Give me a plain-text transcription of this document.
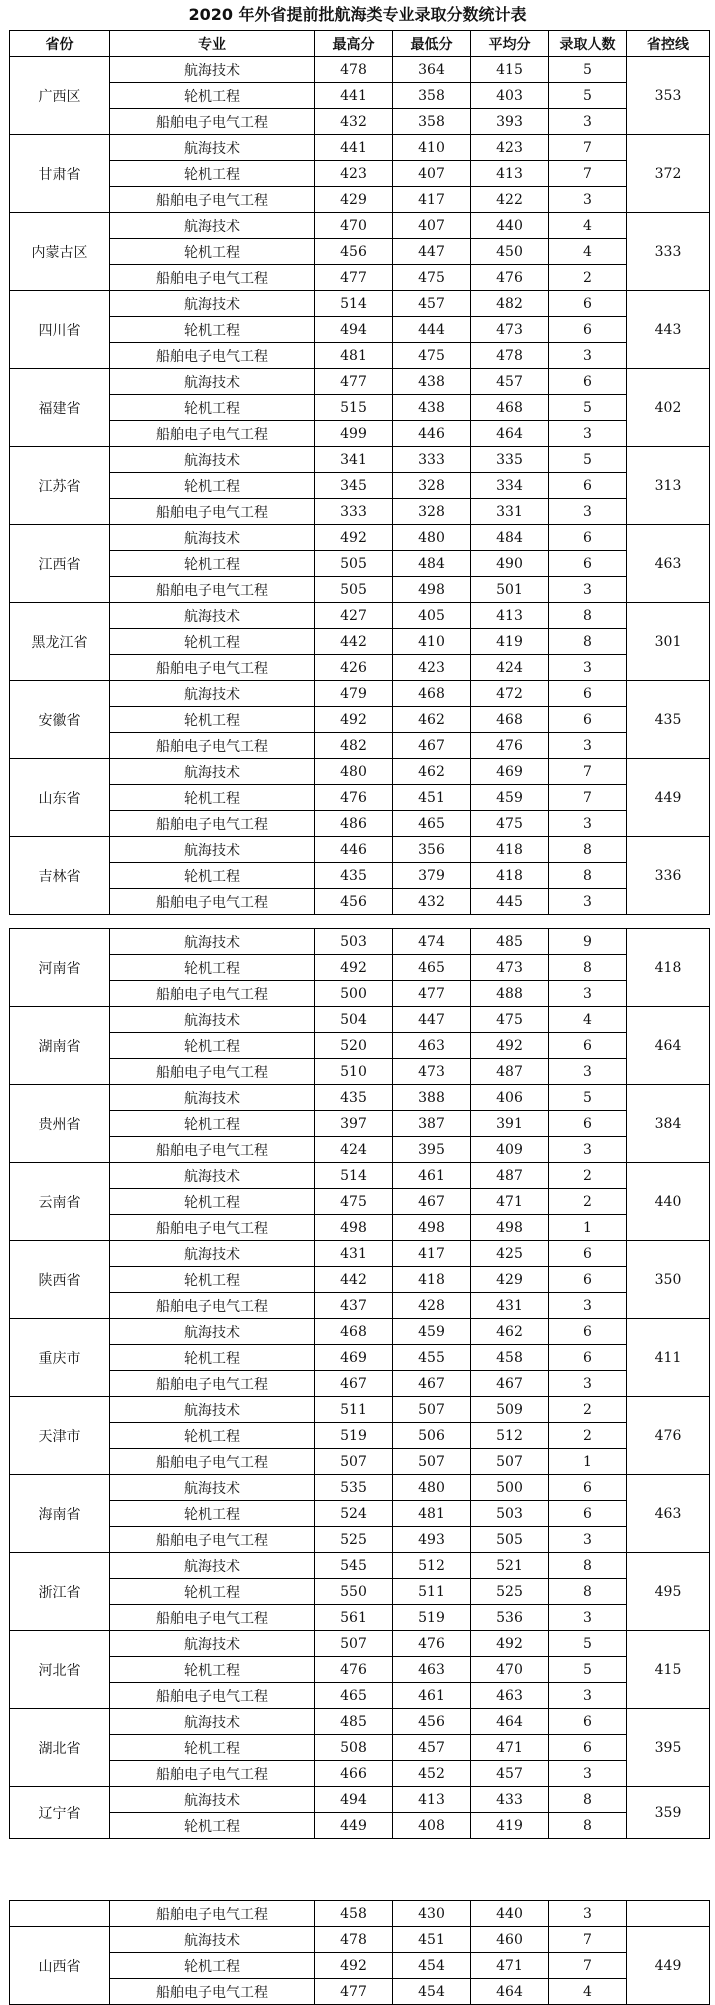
2020 年外省提前批航海类专业录取分数统计表
省份	专业	最高分	最低分	平均分	录取人数	省控线
广西区	航海技术	478	364	415	5	353
	轮机工程	441	358	403	5	
	船舶电子电气工程	432	358	393	3	
甘肃省	航海技术	441	410	423	7	372
	轮机工程	423	407	413	7	
	船舶电子电气工程	429	417	422	3	
内蒙古区	航海技术	470	407	440	4	333
	轮机工程	456	447	450	4	
	船舶电子电气工程	477	475	476	2	
四川省	航海技术	514	457	482	6	443
	轮机工程	494	444	473	6	
	船舶电子电气工程	481	475	478	3	
福建省	航海技术	477	438	457	6	402
	轮机工程	515	438	468	5	
	船舶电子电气工程	499	446	464	3	
江苏省	航海技术	341	333	335	5	313
	轮机工程	345	328	334	6	
	船舶电子电气工程	333	328	331	3	
江西省	航海技术	492	480	484	6	463
	轮机工程	505	484	490	6	
	船舶电子电气工程	505	498	501	3	
黑龙江省	航海技术	427	405	413	8	301
	轮机工程	442	410	419	8	
	船舶电子电气工程	426	423	424	3	
安徽省	航海技术	479	468	472	6	435
	轮机工程	492	462	468	6	
	船舶电子电气工程	482	467	476	3	
山东省	航海技术	480	462	469	7	449
	轮机工程	476	451	459	7	
	船舶电子电气工程	486	465	475	3	
吉林省	航海技术	446	356	418	8	336
	轮机工程	435	379	418	8	
	船舶电子电气工程	456	432	445	3	
河南省	航海技术	503	474	485	9	418
	轮机工程	492	465	473	8	
	船舶电子电气工程	500	477	488	3	
湖南省	航海技术	504	447	475	4	464
	轮机工程	520	463	492	6	
	船舶电子电气工程	510	473	487	3	
贵州省	航海技术	435	388	406	5	384
	轮机工程	397	387	391	6	
	船舶电子电气工程	424	395	409	3	
云南省	航海技术	514	461	487	2	440
	轮机工程	475	467	471	2	
	船舶电子电气工程	498	498	498	1	
陕西省	航海技术	431	417	425	6	350
	轮机工程	442	418	429	6	
	船舶电子电气工程	437	428	431	3	
重庆市	航海技术	468	459	462	6	411
	轮机工程	469	455	458	6	
	船舶电子电气工程	467	467	467	3	
天津市	航海技术	511	507	509	2	476
	轮机工程	519	506	512	2	
	船舶电子电气工程	507	507	507	1	
海南省	航海技术	535	480	500	6	463
	轮机工程	524	481	503	6	
	船舶电子电气工程	525	493	505	3	
浙江省	航海技术	545	512	521	8	495
	轮机工程	550	511	525	8	
	船舶电子电气工程	561	519	536	3	
河北省	航海技术	507	476	492	5	415
	轮机工程	476	463	470	5	
	船舶电子电气工程	465	461	463	3	
湖北省	航海技术	485	456	464	6	395
	轮机工程	508	457	471	6	
	船舶电子电气工程	466	452	457	3	
辽宁省	航海技术	494	413	433	8	359
	轮机工程	449	408	419	8	
	船舶电子电气工程	458	430	440	3	
山西省	航海技术	478	451	460	7	449
	轮机工程	492	454	471	7	
	船舶电子电气工程	477	454	464	4	
